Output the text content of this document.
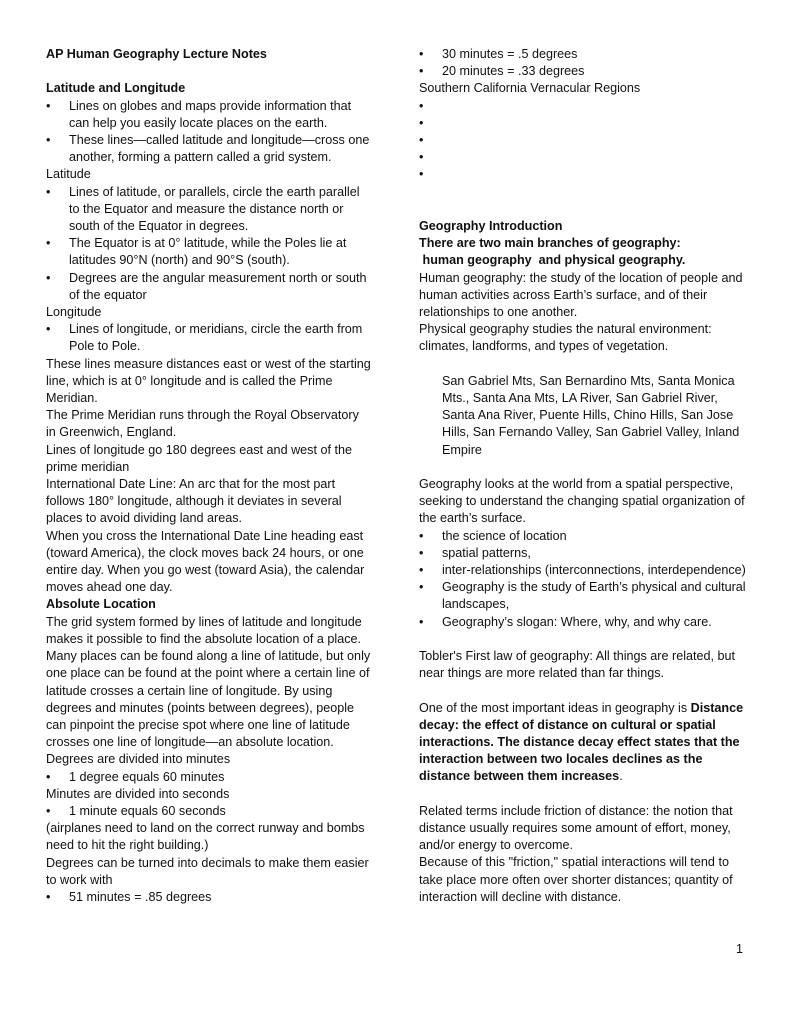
AP Human Geography Lecture Notes

Latitude and Longitude

• Lines on globes and maps provide information that can help you easily locate places on the earth.

• These lines—called latitude and longitude—cross one another, forming a pattern called a grid system.

Latitude

• Lines of latitude, or parallels, circle the earth parallel to the Equator and measure the distance north or south of the Equator in degrees.

• The Equator is at 0° latitude, while the Poles lie at latitudes 90°N (north) and 90°S (south).

• Degrees are the angular measurement north or south of the equator

Longitude

• Lines of longitude, or meridians, circle the earth from Pole to Pole.

These lines measure distances east or west of the starting line, which is at 0° longitude and is called the Prime Meridian.

The Prime Meridian runs through the Royal Observatory in Greenwich, England.

Lines of longitude go 180 degrees east and west of the prime meridian

International Date Line: An arc that for the most part follows 180° longitude, although it deviates in several places to avoid dividing land areas.

When you cross the International Date Line heading east (toward America), the clock moves back 24 hours, or one entire day. When you go west (toward Asia), the calendar moves ahead one day.

Absolute Location

The grid system formed by lines of latitude and longitude makes it possible to find the absolute location of a place. Many places can be found along a line of latitude, but only one place can be found at the point where a certain line of latitude crosses a certain line of longitude. By using degrees and minutes (points between degrees), people can pinpoint the precise spot where one line of latitude crosses one line of longitude—an absolute location.

Degrees are divided into minutes

• 1 degree equals 60 minutes

Minutes are divided into seconds

• 1 minute equals 60 seconds

(airplanes need to land on the correct runway and bombs need to hit the right building.)

Degrees can be turned into decimals to make them easier to work with

• 51 minutes = .85 degrees

• 30 minutes = .5 degrees

• 20 minutes = .33 degrees

Southern California Vernacular Regions

•

•

•

•

•

Geography Introduction

There are two main branches of geography:

human geography  and physical geography.

Human geography: the study of the location of people and human activities across Earth’s surface, and of their relationships to one another.

Physical geography studies the natural environment: climates, landforms, and types of vegetation.

San Gabriel Mts, San Bernardino Mts, Santa Monica Mts., Santa Ana Mts, LA River, San Gabriel River, Santa Ana River, Puente Hills, Chino Hills, San Jose Hills, San Fernando Valley, San Gabriel Valley, Inland Empire

Geography looks at the world from a spatial perspective, seeking to understand the changing spatial organization of the earth’s surface.

• the science of location

• spatial patterns,

• inter-relationships (interconnections, interdependence)

• Geography is the study of Earth’s physical and cultural landscapes,

• Geography’s slogan: Where, why, and why care.

Tobler's First law of geography: All things are related, but near things are more related than far things.

One of the most important ideas in geography is Distance decay: the effect of distance on cultural or spatial interactions. The distance decay effect states that the interaction between two locales declines as the distance between them increases.

Related terms include friction of distance: the notion that distance usually requires some amount of effort, money, and/or energy to overcome.

Because of this "friction," spatial interactions will tend to take place more often over shorter distances; quantity of interaction will decline with distance.

1
